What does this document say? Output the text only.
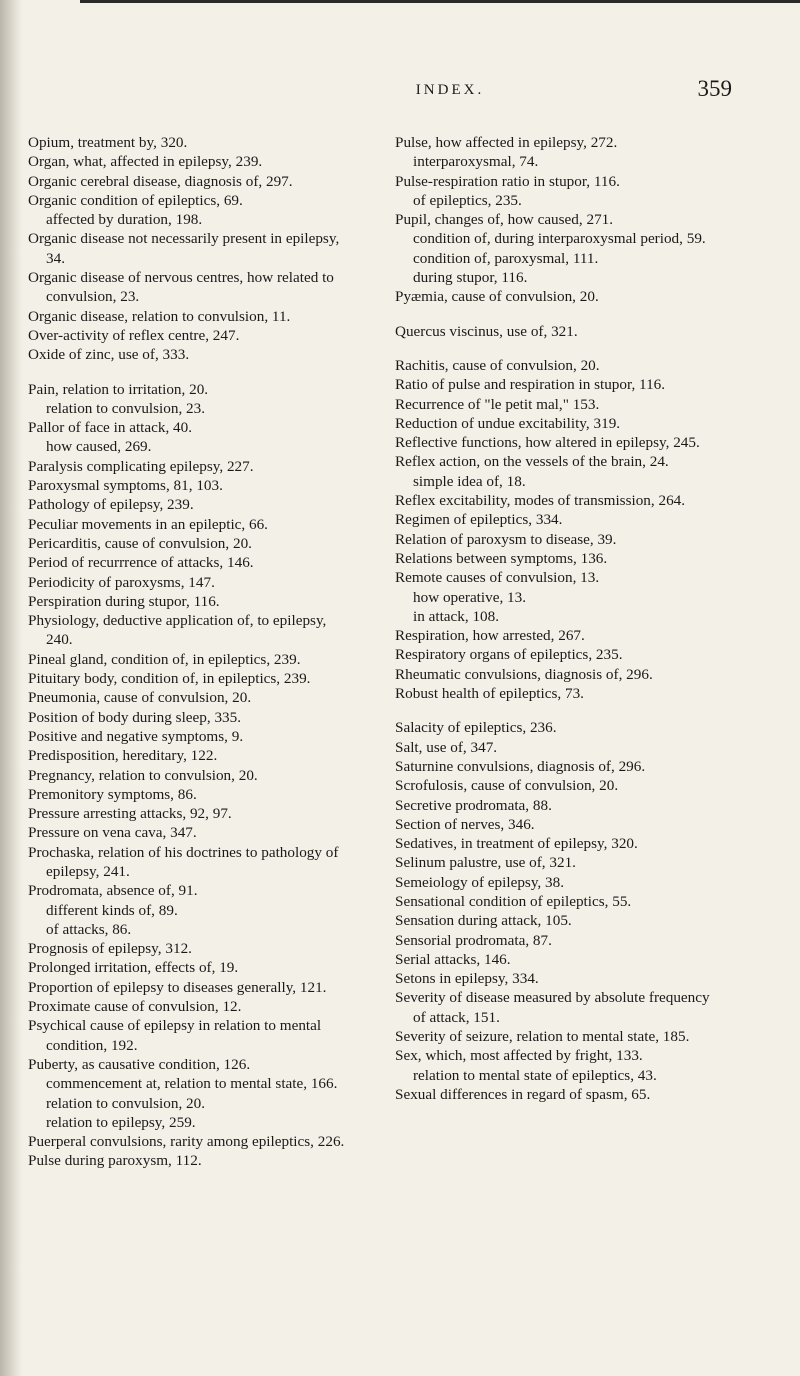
INDEX.	359
Opium, treatment by, 320.
Organ, what, affected in epilepsy, 239.
Organic cerebral disease, diagnosis of, 297.
Organic condition of epileptics, 69.
affected by duration, 198.
Organic disease not necessarily present in epilepsy, 34.
Organic disease of nervous centres, how related to convulsion, 23.
Organic disease, relation to convulsion, 11.
Over-activity of reflex centre, 247.
Oxide of zinc, use of, 333.
Pain, relation to irritation, 20.
relation to convulsion, 23.
Pallor of face in attack, 40.
how caused, 269.
Paralysis complicating epilepsy, 227.
Paroxysmal symptoms, 81, 103.
Pathology of epilepsy, 239.
Peculiar movements in an epileptic, 66.
Pericarditis, cause of convulsion, 20.
Period of recurrrence of attacks, 146.
Periodicity of paroxysms, 147.
Perspiration during stupor, 116.
Physiology, deductive application of, to epilepsy, 240.
Pineal gland, condition of, in epileptics, 239.
Pituitary body, condition of, in epileptics, 239.
Pneumonia, cause of convulsion, 20.
Position of body during sleep, 335.
Positive and negative symptoms, 9.
Predisposition, hereditary, 122.
Pregnancy, relation to convulsion, 20.
Premonitory symptoms, 86.
Pressure arresting attacks, 92, 97.
Pressure on vena cava, 347.
Prochaska, relation of his doctrines to pathology of epilepsy, 241.
Prodromata, absence of, 91.
different kinds of, 89.
of attacks, 86.
Prognosis of epilepsy, 312.
Prolonged irritation, effects of, 19.
Proportion of epilepsy to diseases generally, 121.
Proximate cause of convulsion, 12.
Psychical cause of epilepsy in relation to mental condition, 192.
Puberty, as causative condition, 126.
commencement at, relation to mental state, 166.
relation to convulsion, 20.
relation to epilepsy, 259.
Puerperal convulsions, rarity among epileptics, 226.
Pulse during paroxysm, 112.
Pulse, how affected in epilepsy, 272.
interparoxysmal, 74.
Pulse-respiration ratio in stupor, 116.
of epileptics, 235.
Pupil, changes of, how caused, 271.
condition of, during interparoxysmal period, 59.
condition of, paroxysmal, 111.
during stupor, 116.
Pyæmia, cause of convulsion, 20.
Quercus viscinus, use of, 321.
Rachitis, cause of convulsion, 20.
Ratio of pulse and respiration in stupor, 116.
Recurrence of "le petit mal," 153.
Reduction of undue excitability, 319.
Reflective functions, how altered in epilepsy, 245.
Reflex action, on the vessels of the brain, 24.
simple idea of, 18.
Reflex excitability, modes of transmission, 264.
Regimen of epileptics, 334.
Relation of paroxysm to disease, 39.
Relations between symptoms, 136.
Remote causes of convulsion, 13.
how operative, 13.
in attack, 108.
Respiration, how arrested, 267.
Respiratory organs of epileptics, 235.
Rheumatic convulsions, diagnosis of, 296.
Robust health of epileptics, 73.
Salacity of epileptics, 236.
Salt, use of, 347.
Saturnine convulsions, diagnosis of, 296.
Scrofulosis, cause of convulsion, 20.
Secretive prodromata, 88.
Section of nerves, 346.
Sedatives, in treatment of epilepsy, 320.
Selinum palustre, use of, 321.
Semeiology of epilepsy, 38.
Sensational condition of epileptics, 55.
Sensation during attack, 105.
Sensorial prodromata, 87.
Serial attacks, 146.
Setons in epilepsy, 334.
Severity of disease measured by absolute frequency of attack, 151.
Severity of seizure, relation to mental state, 185.
Sex, which, most affected by fright, 133.
relation to mental state of epileptics, 43.
Sexual differences in regard of spasm, 65.
